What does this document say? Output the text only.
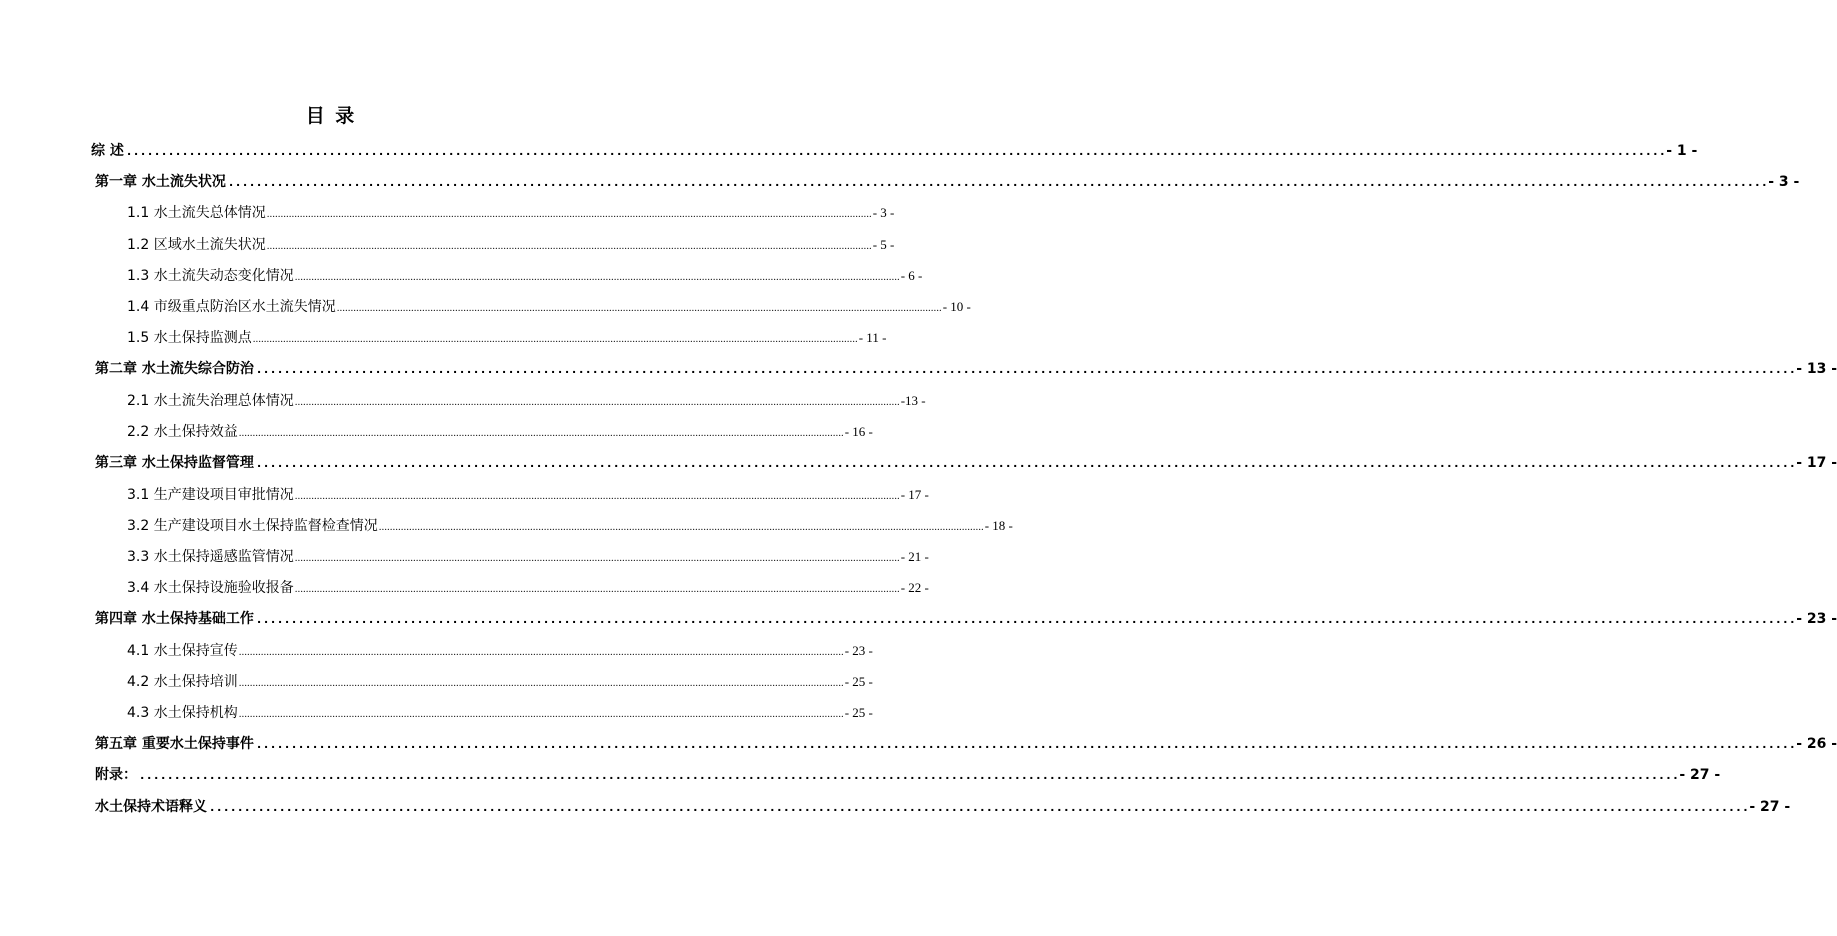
目 录
综 述 ............................................................................................................................................................................................................................ - 1 -
第一章 水土流失状况 ............................................................................................................................................................................................................................ - 3 -
1.1 水土流失总体情况 ............................................................................................................................................................................................................................ - 3 -
1.2 区域水土流失状况 ............................................................................................................................................................................................................................ - 5 -
1.3 水土流失动态变化情况 ............................................................................................................................................................................................................................ - 6 -
1.4 市级重点防治区水土流失情况 ............................................................................................................................................................................................................................ - 10 -
1.5 水土保持监测点 ............................................................................................................................................................................................................................ - 11 -
第二章 水土流失综合防治 ............................................................................................................................................................................................................................ - 13 -
2.1 水土流失治理总体情况 ............................................................................................................................................................................................................................ -13 -
2.2 水土保持效益 ............................................................................................................................................................................................................................ - 16 -
第三章 水土保持监督管理 ............................................................................................................................................................................................................................ - 17 -
3.1 生产建设项目审批情况 ............................................................................................................................................................................................................................ - 17 -
3.2 生产建设项目水土保持监督检查情况 ............................................................................................................................................................................................................................ - 18 -
3.3 水土保持遥感监管情况 ............................................................................................................................................................................................................................ - 21 -
3.4 水土保持设施验收报备 ............................................................................................................................................................................................................................ - 22 -
第四章 水土保持基础工作 ............................................................................................................................................................................................................................ - 23 -
4.1 水土保持宣传 ............................................................................................................................................................................................................................ - 23 -
4.2 水土保持培训 ............................................................................................................................................................................................................................ - 25 -
4.3 水土保持机构 ............................................................................................................................................................................................................................ - 25 -
第五章 重要水土保持事件 ............................................................................................................................................................................................................................ - 26 -
附录： ............................................................................................................................................................................................................................ - 27 -
水土保持术语释义 ............................................................................................................................................................................................................................ - 27 -
